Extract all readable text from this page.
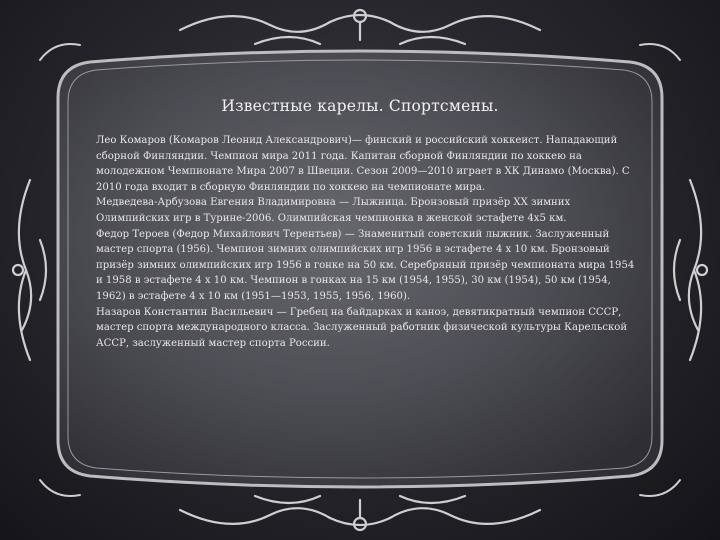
Известные карелы. Спортсмены.

Лео Комаров (Комаров Леонид Александрович)— финский и российский хоккеист. Нападающий сборной Финляндии. Чемпион мира 2011 года. Капитан сборной Финляндии по хоккею на молодежном Чемпионате Мира 2007 в Швеции. Сезон 2009—2010 играет в ХК Динамо (Москва). С 2010 года входит в сборную Финляндии по хоккею на чемпионате мира.

Медведева-Арбузова Евгения Владимировна — Лыжница. Бронзовый призёр XX зимних Олимпийских игр в Турине-2006. Олимпийская чемпионка в женской эстафете 4х5 км.

Федор Тероев (Федор Михайлович Терентьев) — Знаменитый советский лыжник. Заслуженный мастер спорта (1956). Чемпион зимних олимпийских игр 1956 в эстафете 4 x 10 км. Бронзовый призёр зимних олимпийских игр 1956 в гонке на 50 км. Серебряный призёр чемпионата мира 1954 и 1958 в эстафете 4 x 10 км. Чемпион в гонках на 15 км (1954, 1955), 30 км (1954), 50 км (1954, 1962) в эстафете 4 x 10 км (1951—1953, 1955, 1956, 1960).

Назаров Константин Васильевич — Гребец на байдарках и каноэ, девятикратный чемпион СССР, мастер спорта международного класса. Заслуженный работник физической культуры Карельской АССР, заслуженный мастер спорта России.
